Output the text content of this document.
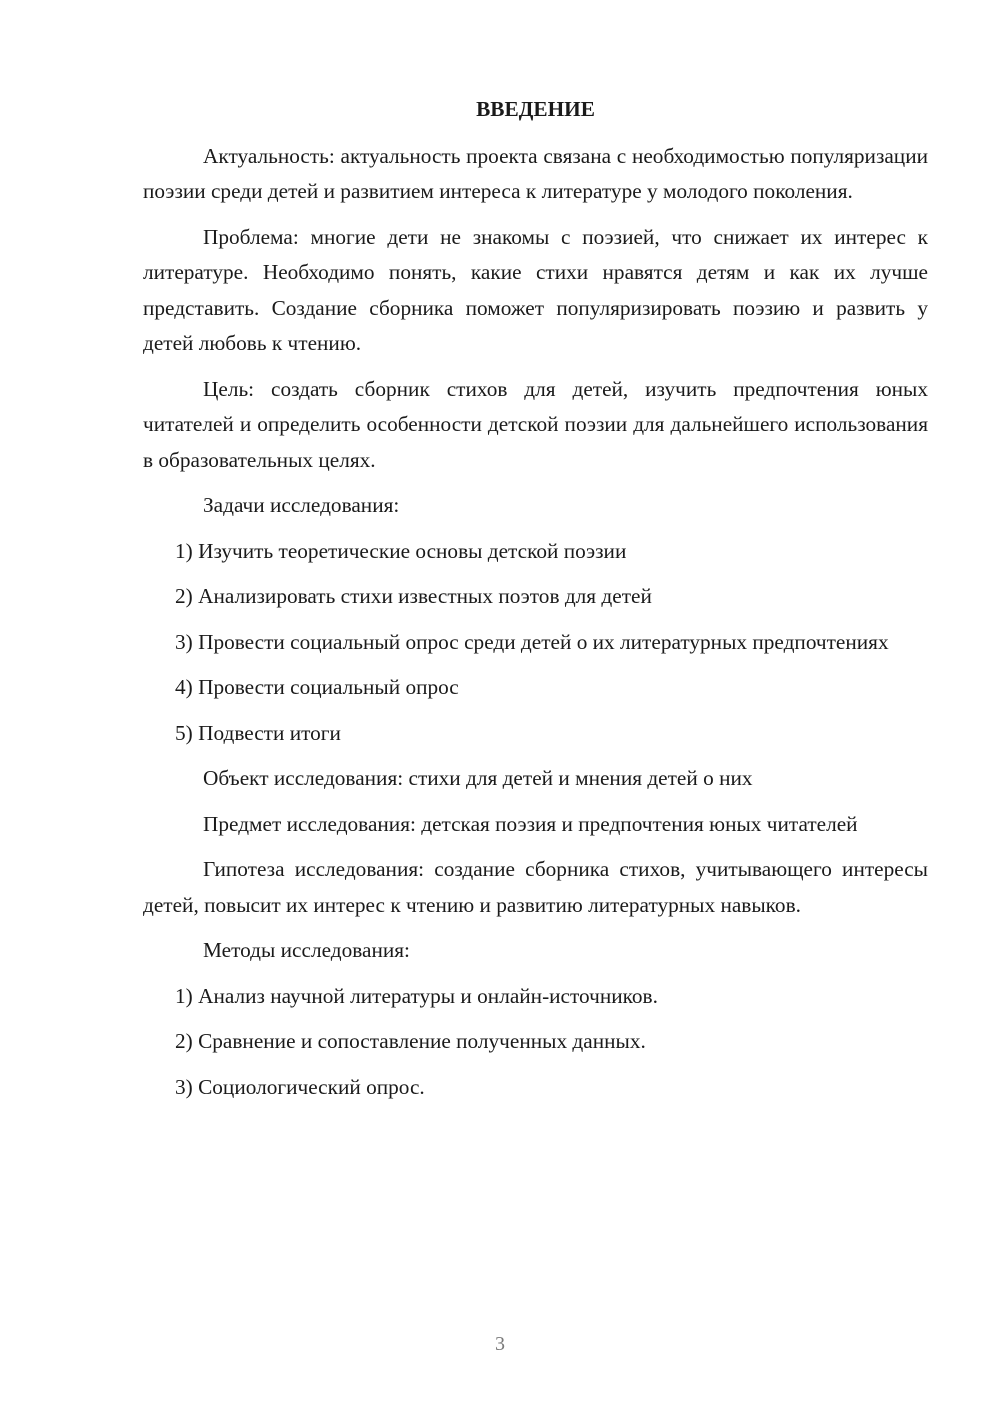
ВВЕДЕНИЕ

Актуальность: актуальность проекта связана с необходимостью популяризации поэзии среди детей и развитием интереса к литературе у молодого поколения.

Проблема: многие дети не знакомы с поэзией, что снижает их интерес к литературе. Необходимо понять, какие стихи нравятся детям и как их лучше представить. Создание сборника поможет популяризировать поэзию и развить у детей любовь к чтению.

Цель: создать сборник стихов для детей, изучить предпочтения юных читателей и определить особенности детской поэзии для дальнейшего использования в образовательных целях.

Задачи исследования:

1) Изучить теоретические основы детской поэзии

2) Анализировать стихи известных поэтов для детей

3) Провести социальный опрос среди детей о их литературных предпочтениях

4) Провести социальный опрос

5) Подвести итоги

Объект исследования: стихи для детей и мнения детей о них

Предмет исследования: детская поэзия и предпочтения юных читателей

Гипотеза исследования: создание сборника стихов, учитывающего интересы детей, повысит их интерес к чтению и развитию литературных навыков.

Методы исследования:

1) Анализ научной литературы и онлайн-источников.

2) Сравнение и сопоставление полученных данных.

3) Социологический опрос.

3
